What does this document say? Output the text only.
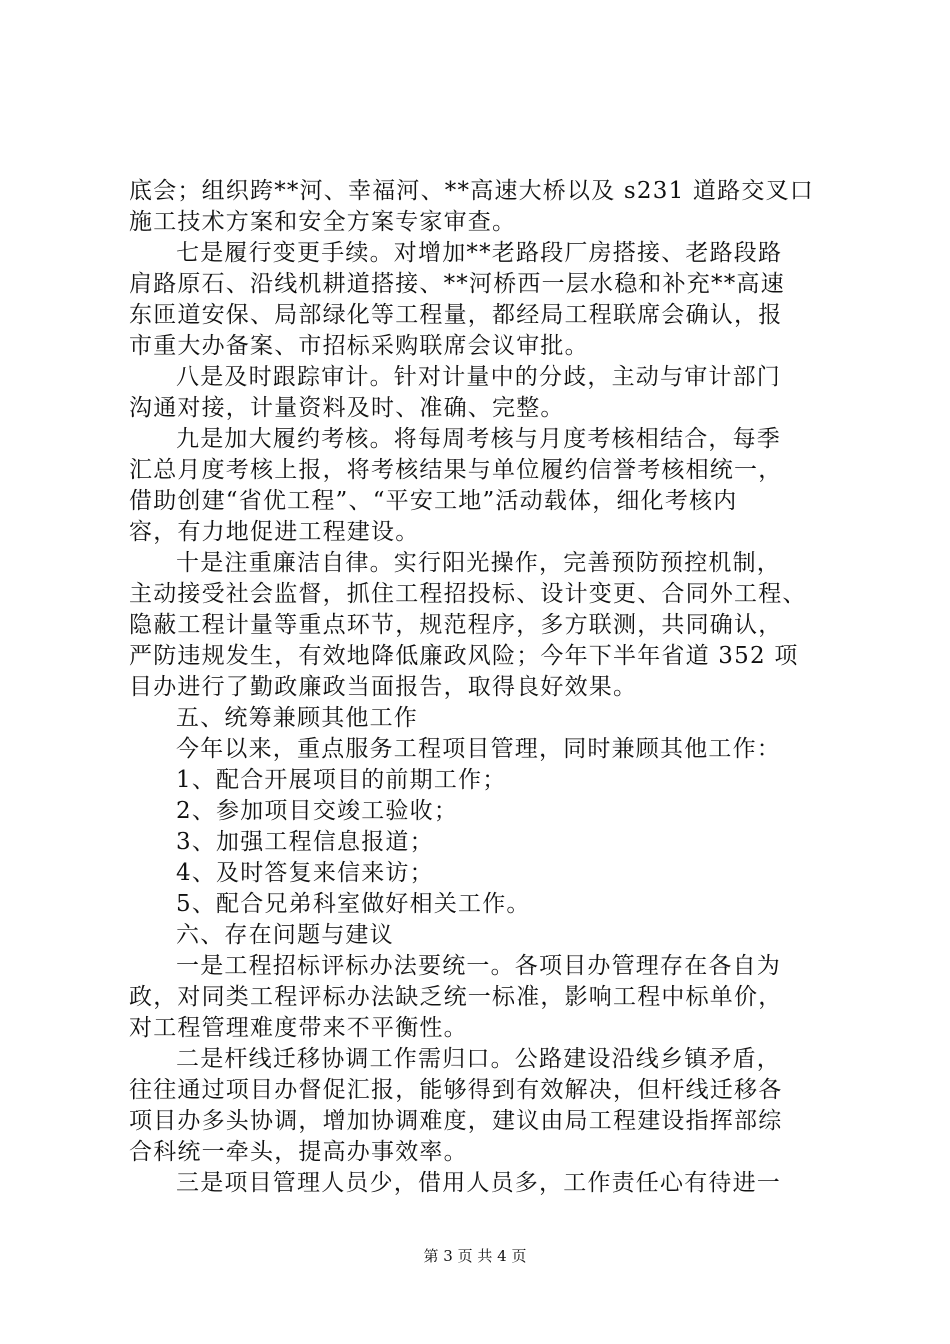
底会；组织跨**河、幸福河、**高速大桥以及 s231 道路交叉口
施工技术方案和安全方案专家审查。
七是履行变更手续。对增加**老路段厂房搭接、老路段路
肩路原石、沿线机耕道搭接、**河桥西一层水稳和补充**高速
东匝道安保、局部绿化等工程量，都经局工程联席会确认，报
市重大办备案、市招标采购联席会议审批。
八是及时跟踪审计。针对计量中的分歧，主动与审计部门
沟通对接，计量资料及时、准确、完整。
九是加大履约考核。将每周考核与月度考核相结合，每季
汇总月度考核上报，将考核结果与单位履约信誉考核相统一，
借助创建“省优工程”、“平安工地”活动载体，细化考核内
容，有力地促进工程建设。
十是注重廉洁自律。实行阳光操作，完善预防预控机制，
主动接受社会监督，抓住工程招投标、设计变更、合同外工程、
隐蔽工程计量等重点环节，规范程序，多方联测，共同确认，
严防违规发生，有效地降低廉政风险；今年下半年省道 352 项
目办进行了勤政廉政当面报告，取得良好效果。
五、统筹兼顾其他工作
今年以来，重点服务工程项目管理，同时兼顾其他工作：
1、配合开展项目的前期工作；
2、参加项目交竣工验收；
3、加强工程信息报道；
4、及时答复来信来访；
5、配合兄弟科室做好相关工作。
六、存在问题与建议
一是工程招标评标办法要统一。各项目办管理存在各自为
政，对同类工程评标办法缺乏统一标准，影响工程中标单价，
对工程管理难度带来不平衡性。
二是杆线迁移协调工作需归口。公路建设沿线乡镇矛盾，
往往通过项目办督促汇报，能够得到有效解决，但杆线迁移各
项目办多头协调，增加协调难度，建议由局工程建设指挥部综
合科统一牵头，提高办事效率。
三是项目管理人员少，借用人员多，工作责任心有待进一
第 3 页 共 4 页
